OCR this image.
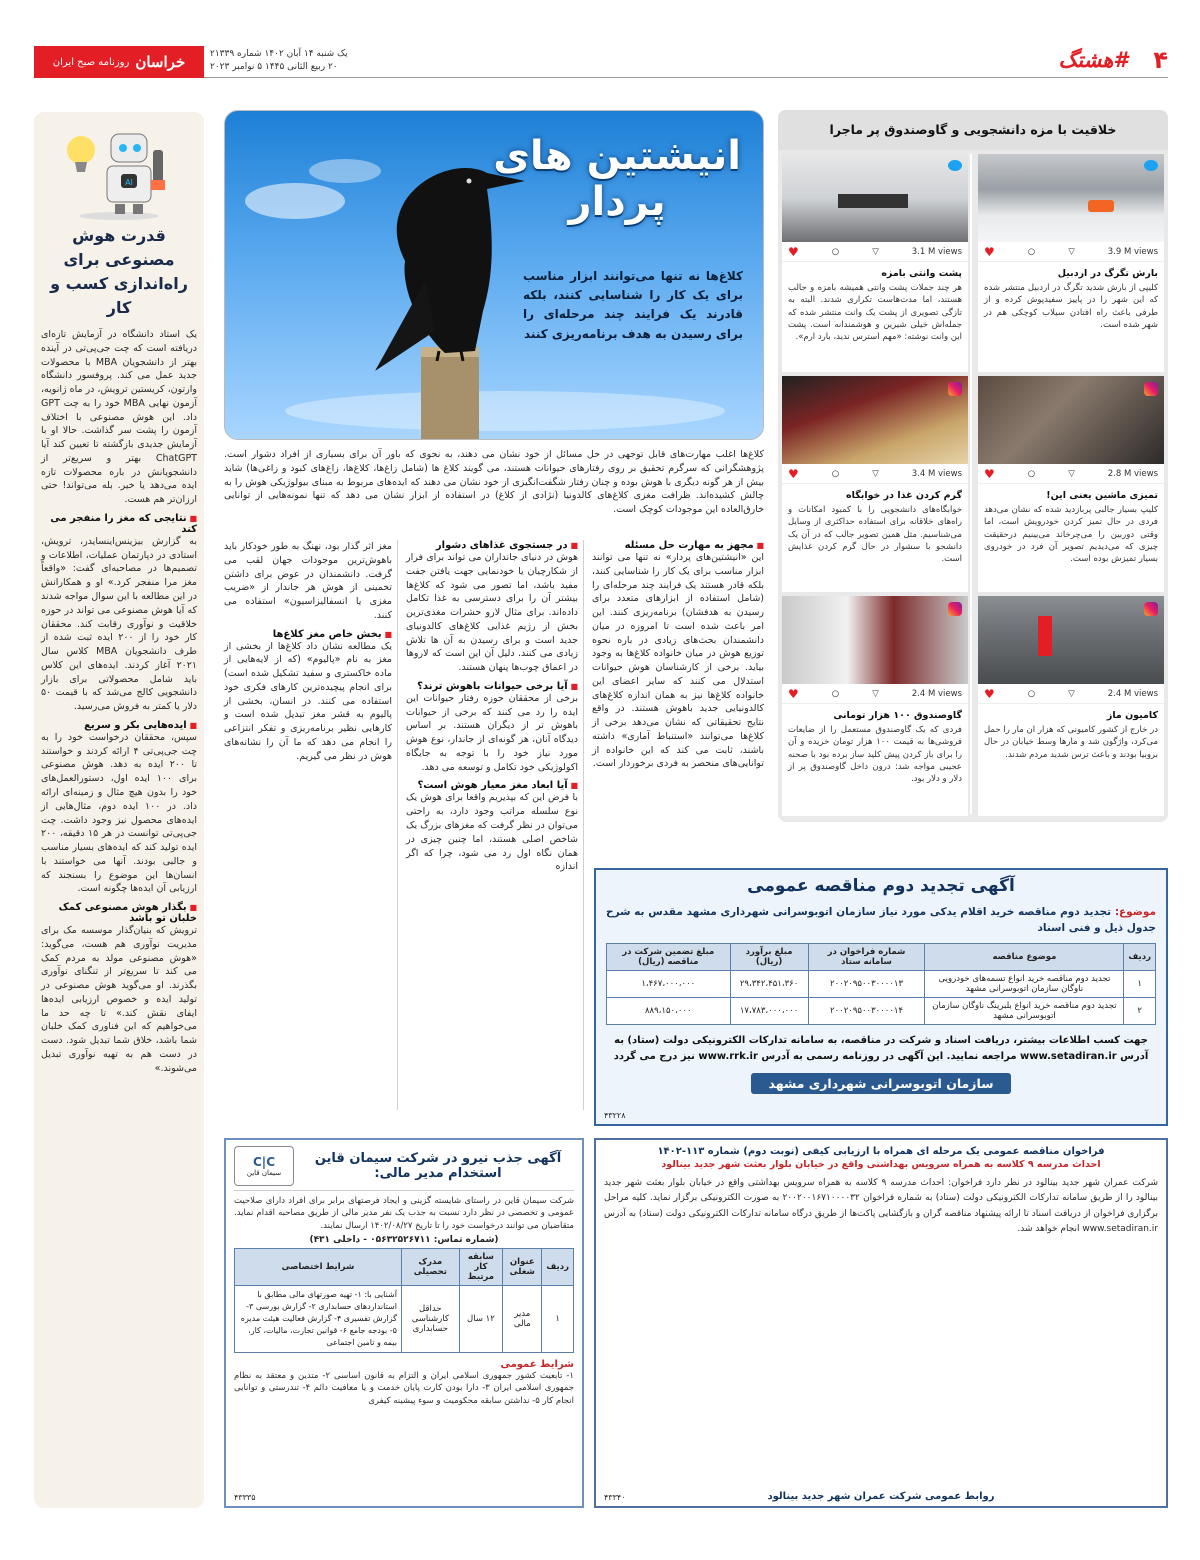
خراسان
روزنامه صبح ایران
یک شنبه ۱۴ آبان ۱۴۰۲ شماره ۲۱۳۳۹
۲۰ ربیع الثانی ۱۴۴۵ ۵ نوامبر ۲۰۲۳	#هشتگ ۴
AI
قدرت هوش مصنوعی برای راه‌اندازی کسب و کار
یک استاد دانشگاه در آزمایش تازه‌ای دریافته است که چت جی‌پی‌تی در آینده بهتر از دانشجویان MBA با محصولات جدید عمل می کند. پروفسور دانشگاه وارتون، کریستین ترویش، در ماه ژانویه، آزمون نهایی MBA خود را به چت GPT داد. این هوش مصنوعی با اختلاف آزمون را پشت سر گذاشت. حالا او با آزمایش جدیدی بازگشته تا تعیین کند آیا ChatGPT بهتر و سریع‌تر از دانشجویانش در باره محصولات تازه ایده می‌دهد یا خیر. بله می‌تواند! حتی ارزان‌تر هم هست.
■ نتایجی که مغز را منفجر می کند
به گزارش بیزینس‌اینسایدر، ترویش، استادی در دپارتمان عملیات، اطلاعات و تصمیم‌ها در مصاحبه‌ای گفت: «واقعاً مغز مرا منفجر کرد.» او و همکارانش در این مطالعه با این سوال مواجه شدند که آیا هوش مصنوعی می تواند در حوزه خلاقیت و نوآوری رقابت کند. محققان کار خود را از ۲۰۰ ایده ثبت شده از طرف دانشجویان MBA کلاس سال ۲۰۲۱ آغاز کردند. ایده‌های این کلاس باید شامل محصولاتی برای بازار دانشجویی کالج می‌شد که با قیمت ۵۰ دلار یا کمتر به فروش می‌رسید.
■ ایده‌هایی بکر و سریع
سپس، محققان درخواست خود را به چت جی‌پی‌تی ۴ ارائه کردند و خواستند تا ۲۰۰ ایده به دهد. هوش مصنوعی برای ۱۰۰ ایده اول، دستورالعمل‌های خود را بدون هیچ مثال و زمینه‌ای ارائه داد. در ۱۰۰ ایده دوم، مثال‌هایی از ایده‌های محصول نیز وجود داشت. چت جی‌پی‌تی توانست در هر ۱۵ دقیقه، ۲۰۰ ایده تولید کند که ایده‌های بسیار مناسب و جالبی بودند. آنها می خواستند با انسان‌ها این موضوع را بسنجند که ارزیابی آن ایده‌ها چگونه است.
■ بگذار هوش مصنوعی کمک خلبان تو باشد
ترویش که بنیان‌گذار موسسه مک برای مدیریت نوآوری هم هست، می‌گوید: «هوش مصنوعی مولد به مردم کمک می کند تا سریع‌تر از تنگنای نوآوری بگذرند. او می‌گوید هوش مصنوعی در تولید ایده و خصوص ارزیابی ایده‌ها ایفای نقش کند.» تا چه حد ما می‌خواهیم که این فناوری کمک خلبان شما باشد، خلاق شما تبدیل شود. دست در دست هم به تهیه نوآوری تبدیل می‌شوند.»
انیشتین های
پردار
کلاغ‌ها نه تنها می‌توانند ابزار مناسب برای یک کار را شناسایی کنند، بلکه قادرند یک فرایند چند مرحله‌ای را برای رسیدن به هدف برنامه‌ریزی کنند
کلاغ‌ها اغلب مهارت‌های قابل توجهی در حل مسائل از خود نشان می دهند، به نحوی که باور آن برای بسیاری از افراد دشوار است. پژوهشگرانی که سرگرم تحقیق بر روی رفتارهای حیوانات هستند، می گویند کلاغ ها (شامل زاغ‌ها، کلاغ‌ها، زاغ‌های کبود و زاغی‌ها) شاید بیش از هر گونه دیگری با هوش بوده و چنان رفتار شگفت‌انگیزی از خود نشان می دهند که ایده‌های مربوط به مبنای بیولوژیکی هوش را به چالش کشیده‌اند. ظرافت مغزی کلاغ‌های کالدونیا (نژادی از کلاغ) در استفاده از ابزار نشان می دهد که تنها نمونه‌هایی از توانایی خارق‌العاده این موجودات کوچک است.
■ مجهز به مهارت حل مسئله
این «انیشتین‌های پردار» نه تنها می توانند ابزار مناسب برای یک کار را شناسایی کنند، بلکه قادر هستند یک فرایند چند مرحله‌ای را (شامل استفاده از ابزارهای متعدد برای رسیدن به هدفشان) برنامه‌ریزی کنند. این امر باعث شده است تا امروزه در میان دانشمندان بحث‌های زیادی در باره نحوه توزیع هوش در میان خانواده کلاغ‌ها به وجود بیاید. برخی از کارشناسان هوش حیوانات استدلال می کنند که سایر اعضای این خانواده کلاغ‌ها نیز به همان اندازه کلاغ‌های کالدونیایی جدید باهوش هستند. در واقع نتایج تحقیقاتی که نشان می‌دهد برخی از کلاغ‌ها می‌توانند «استنباط آماری» داشته باشند، ثابت می کند که این خانواده از توانایی‌های منحصر به فردی برخوردار است.
■ در جستجوی غذاهای دشوار
هوش در دنیای جانداران می تواند برای فرار از شکارچیان یا خودنمایی جهت یافتن جفت مفید باشد، اما تصور می شود که کلاغ‌ها بیشتر آن را برای دسترسی به غذا تکامل داده‌اند. برای مثال لارو حشرات مغذی‌ترین بخش از رژیم غذایی کلاغ‌های کالدونیای جدید است و برای رسیدن به آن ها تلاش زیادی می کنند. دلیل آن این است که لاروها در اعماق چوب‌ها پنهان هستند.
■ آیا برخی حیوانات باهوش ترند؟
برخی از محققان حوزه رفتار حیوانات این ایده را رد می کنند که برخی از حیوانات باهوش تر از دیگران هستند. بر اساس دیدگاه آنان، هر گونه‌ای از جاندار، نوع هوش مورد نیاز خود را با توجه به جایگاه اکولوژیکی خود تکامل و توسعه می دهد.
■ آیا ابعاد مغز معیار هوش است؟
با فرض این که بپذیریم واقعا برای هوش یک نوع سلسله مراتب وجود دارد، به راحتی می‌توان در نظر گرفت که مغزهای بزرگ یک شاخص اصلی هستند، اما چنین چیزی در همان نگاه اول رد می شود، چرا که اگر اندازه
مغز اثر گذار بود، نهنگ به طور خودکار باید باهوش‌ترین موجودات جهان لقب می گرفت. دانشمندان در عوض برای داشتن تخمینی از هوش هر جاندار از «ضریب مغزی یا انسفالیزاسیون» استفاده می کنند.
■ بخش خاص مغز کلاغ‌ها
یک مطالعه نشان داد کلاغ‌ها از بخشی از مغز به نام «پالیوم» (که از لایه‌هایی از ماده خاکستری و سفید تشکیل شده است) برای انجام پیچیده‌ترین کارهای فکری خود استفاده می کنند. در انسان، بخشی از پالیوم به قشر مغز تبدیل شده است و کارهایی نظیر برنامه‌ریزی و تفکر انتزاعی را انجام می دهد که ما آن را نشانه‌های هوش در نظر می گیریم.
خلاقیت با مزه دانشجویی و گاوصندوق پر ماجرا
♥	○	▽	3.9 M views
بارش تگرگ در اردبیل

کلیپی از بارش شدید تگرگ در اردبیل منتشر شده که این شهر را در پاییز سفیدپوش کرده و از طرفی باعث راه افتادن سیلاب کوچکی هم در شهر شده است.

♥	○	▽	3.1 M views
پشت وانتی بامزه

هر چند جملات پشت وانتی همیشه بامزه و جالب هستند، اما مدت‌هاست تکراری شدند. البته به تازگی تصویری از پشت یک وانت منتشر شده که جمله‌اش خیلی شیرین و هوشمندانه است. پشت این وانت نوشته: «مهم استرس ندید، بارد ارم».

♥	○	▽	2.8 M views
تمیزی ماشین یعنی این!

کلیپ بسیار جالبی پربازدید شده که نشان می‌دهد فردی در حال تمیز کردن خودرویش است، اما وقتی دوربین را می‌چرخاند می‌بینیم درحقیقت چیزی که می‌دیدیم تصویر آن فرد در خودروی بسیار تمیزش بوده است.

♥	○	▽	3.4 M views
گرم کردن غذا در خوابگاه

خوابگاه‌های دانشجویی را با کمبود امکانات و راه‌های خلاقانه برای استفاده حداکثری از وسایل می‌شناسیم. مثل همین تصویر جالب که در آن یک دانشجو با سشوار در حال گرم کردن غذایش است.

♥	○	▽	2.4 M views
کامیون ماز

در خارج از کشور کامیونی که هزار ان مار را حمل می‌کرد، واژگون شد و مارها وسط خیابان در حال بروبیا بودند و باعث ترس شدید مردم شدند.

♥	○	▽	2.4 M views
گاوصندوق ۱۰۰ هزار تومانی

فردی که یک گاوصندوق مستعمل را از ضایعات فروشی‌ها به قیمت ۱۰۰ هزار تومان خریده و آن را برای باز کردن پیش کلید ساز برده بود با صحنه عجیبی مواجه شد: درون داخل گاوصندوق پر از دلار و دلار بود.

آگهی تجدید دوم مناقصه عمومی
موضوع: تجدید دوم مناقصه خرید اقلام یدکی مورد نیاز سازمان اتوبوسرانی شهرداری مشهد مقدس به شرح جدول ذیل و فنی اسناد
ردیف	موضوع مناقصه	شماره فراخوان در سامانه ستاد	مبلغ برآورد (ریال)	مبلغ تضمین شرکت در مناقصه (ریال)
۱	تجدید دوم مناقصه خرید انواع تسمه‌های خودرویی ناوگان سازمان اتوبوسرانی مشهد	۲۰۰۲۰۹۵۰۰۳۰۰۰۰۱۳	۲۹،۳۴۲،۴۵۱،۳۶۰	۱،۴۶۷،۰۰۰،۰۰۰
۲	تجدید دوم مناقصه خرید انواع بلبرینگ ناوگان سازمان اتوبوسرانی مشهد	۲۰۰۲۰۹۵۰۰۳۰۰۰۰۱۴	۱۷،۷۸۳،۰۰۰،۰۰۰	۸۸۹،۱۵۰،۰۰۰
جهت کسب اطلاعات بیشتر، دریافت اسناد و شرکت در مناقصه، به سامانه تدارکات الکترونیکی دولت (ستاد) به آدرس www.setadiran.ir مراجعه نمایید. این آگهی در روزنامه رسمی به آدرس www.rrk.ir نیز درج می گردد
سازمان اتوبوسرانی شهرداری مشهد
۴۳۲۲۸
فراخوان مناقصه عمومی یک مرحله ای همراه با ارزیابی کیفی (نوبت دوم) شماره ۱۱۳-۱۴۰۲
احداث مدرسه ۹ کلاسه به همراه سرویس بهداشتی واقع در خیابان بلوار بعثت شهر جدید بینالود
شرکت عمران شهر جدید بینالود در نظر دارد فراخوان: احداث مدرسه ۹ کلاسه به همراه سرویس بهداشتی واقع در خیابان بلوار بعثت شهر جدید بینالود را از طریق سامانه تدارکات الکترونیکی دولت (ستاد) به شماره فراخوان ۲۰۰۲۰۰۱۶۷۱۰۰۰۰۳۲ به صورت الکترونیکی برگزار نماید. کلیه مراحل برگزاری فراخوان از دریافت اسناد تا ارائه پیشنهاد مناقصه گران و بازگشایی پاکت‌ها از طریق درگاه سامانه تدارکات الکترونیکی دولت (ستاد) به آدرس www.setadiran.ir انجام خواهد شد.
روابط عمومی شرکت عمران شهر جدید بینالود
۴۳۳۴۰
آگهی جذب نیرو در شرکت سیمان قاین
استخدام مدیر مالی:
C|C
سیمان قاین
شرکت سیمان قاین در راستای شایسته گزینی و ایجاد فرصتهای برابر برای افراد دارای صلاحیت عمومی و تخصصی در نظر دارد نسبت به جذب یک نفر مدیر مالی از طریق مصاحبه اقدام نماید. متقاضیان می توانند درخواست خود را تا تاریخ ۱۴۰۲/۰۸/۲۷ ارسال نمایند.
(شماره تماس: ۰۵۶۳۲۵۲۶۷۱۱ - داخلی ۴۳۱)
ردیف	عنوان شغلی	سابقه کار مرتبط	مدرک تحصیلی	شرایط اختصاصی
۱	مدیر مالی	۱۲ سال	حداقل کارشناسی حسابداری	آشنایی با: ۱- تهیه صورتهای مالی مطابق با استانداردهای حسابداری ۲- گزارش بورسی ۳- گزارش تفسیری ۴- گزارش فعالیت هیئت مدیره ۵- بودجه جامع ۶- قوانین تجارت، مالیات، کار، بیمه و تامین اجتماعی
شرایط عمومی
۱- تابعیت کشور جمهوری اسلامی ایران و التزام به قانون اساسی ۲- متدین و معتقد به نظام جمهوری اسلامی ایران ۳- دارا بودن کارت پایان خدمت و یا معافیت دائم ۴- تندرستی و توانایی انجام کار ۵- نداشتن سابقه محکومیت و سوء پیشینه کیفری
۴۳۳۳۵
